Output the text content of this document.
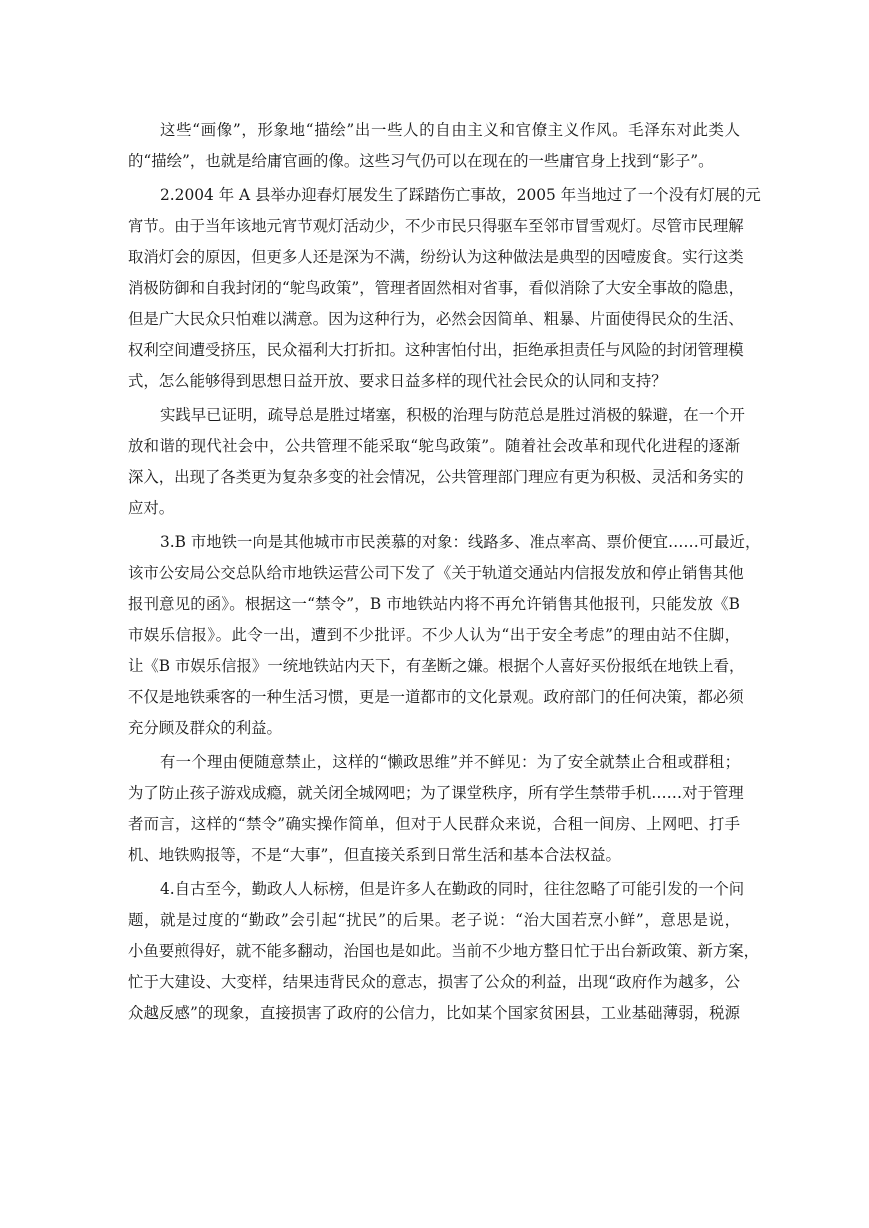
这些“画像”，形象地“描绘”出一些人的自由主义和官僚主义作风。毛泽东对此类人
的“描绘”，也就是给庸官画的像。这些习气仍可以在现在的一些庸官身上找到“影子”。
2.2004 年 A 县举办迎春灯展发生了踩踏伤亡事故，2005 年当地过了一个没有灯展的元
宵节。由于当年该地元宵节观灯活动少，不少市民只得驱车至邻市冒雪观灯。尽管市民理解
取消灯会的原因，但更多人还是深为不满，纷纷认为这种做法是典型的因噎废食。实行这类
消极防御和自我封闭的“鸵鸟政策”，管理者固然相对省事，看似消除了大安全事故的隐患，
但是广大民众只怕难以满意。因为这种行为，必然会因简单、粗暴、片面使得民众的生活、
权利空间遭受挤压，民众福利大打折扣。这种害怕付出，拒绝承担责任与风险的封闭管理模
式，怎么能够得到思想日益开放、要求日益多样的现代社会民众的认同和支持？
实践早已证明，疏导总是胜过堵塞，积极的治理与防范总是胜过消极的躲避，在一个开
放和谐的现代社会中，公共管理不能采取“鸵鸟政策”。随着社会改革和现代化进程的逐渐
深入，出现了各类更为复杂多变的社会情况，公共管理部门理应有更为积极、灵活和务实的
应对。
3.B 市地铁一向是其他城市市民羡慕的对象：线路多、准点率高、票价便宜……可最近，
该市公安局公交总队给市地铁运营公司下发了《关于轨道交通站内信报发放和停止销售其他
报刊意见的函》。根据这一“禁令”，B 市地铁站内将不再允许销售其他报刊，只能发放《B
市娱乐信报》。此令一出，遭到不少批评。不少人认为“出于安全考虑”的理由站不住脚，
让《B 市娱乐信报》一统地铁站内天下，有垄断之嫌。根据个人喜好买份报纸在地铁上看，
不仅是地铁乘客的一种生活习惯，更是一道都市的文化景观。政府部门的任何决策，都必须
充分顾及群众的利益。
有一个理由便随意禁止，这样的“懒政思维”并不鲜见：为了安全就禁止合租或群租；
为了防止孩子游戏成瘾，就关闭全城网吧；为了课堂秩序，所有学生禁带手机……对于管理
者而言，这样的“禁令”确实操作简单，但对于人民群众来说，合租一间房、上网吧、打手
机、地铁购报等，不是“大事”，但直接关系到日常生活和基本合法权益。
4.自古至今，勤政人人标榜，但是许多人在勤政的同时，往往忽略了可能引发的一个问
题，就是过度的“勤政”会引起“扰民”的后果。老子说：“治大国若烹小鲜”，意思是说，
小鱼要煎得好，就不能多翻动，治国也是如此。当前不少地方整日忙于出台新政策、新方案，
忙于大建设、大变样，结果违背民众的意志，损害了公众的利益，出现“政府作为越多，公
众越反感”的现象，直接损害了政府的公信力，比如某个国家贫困县，工业基础薄弱，税源
